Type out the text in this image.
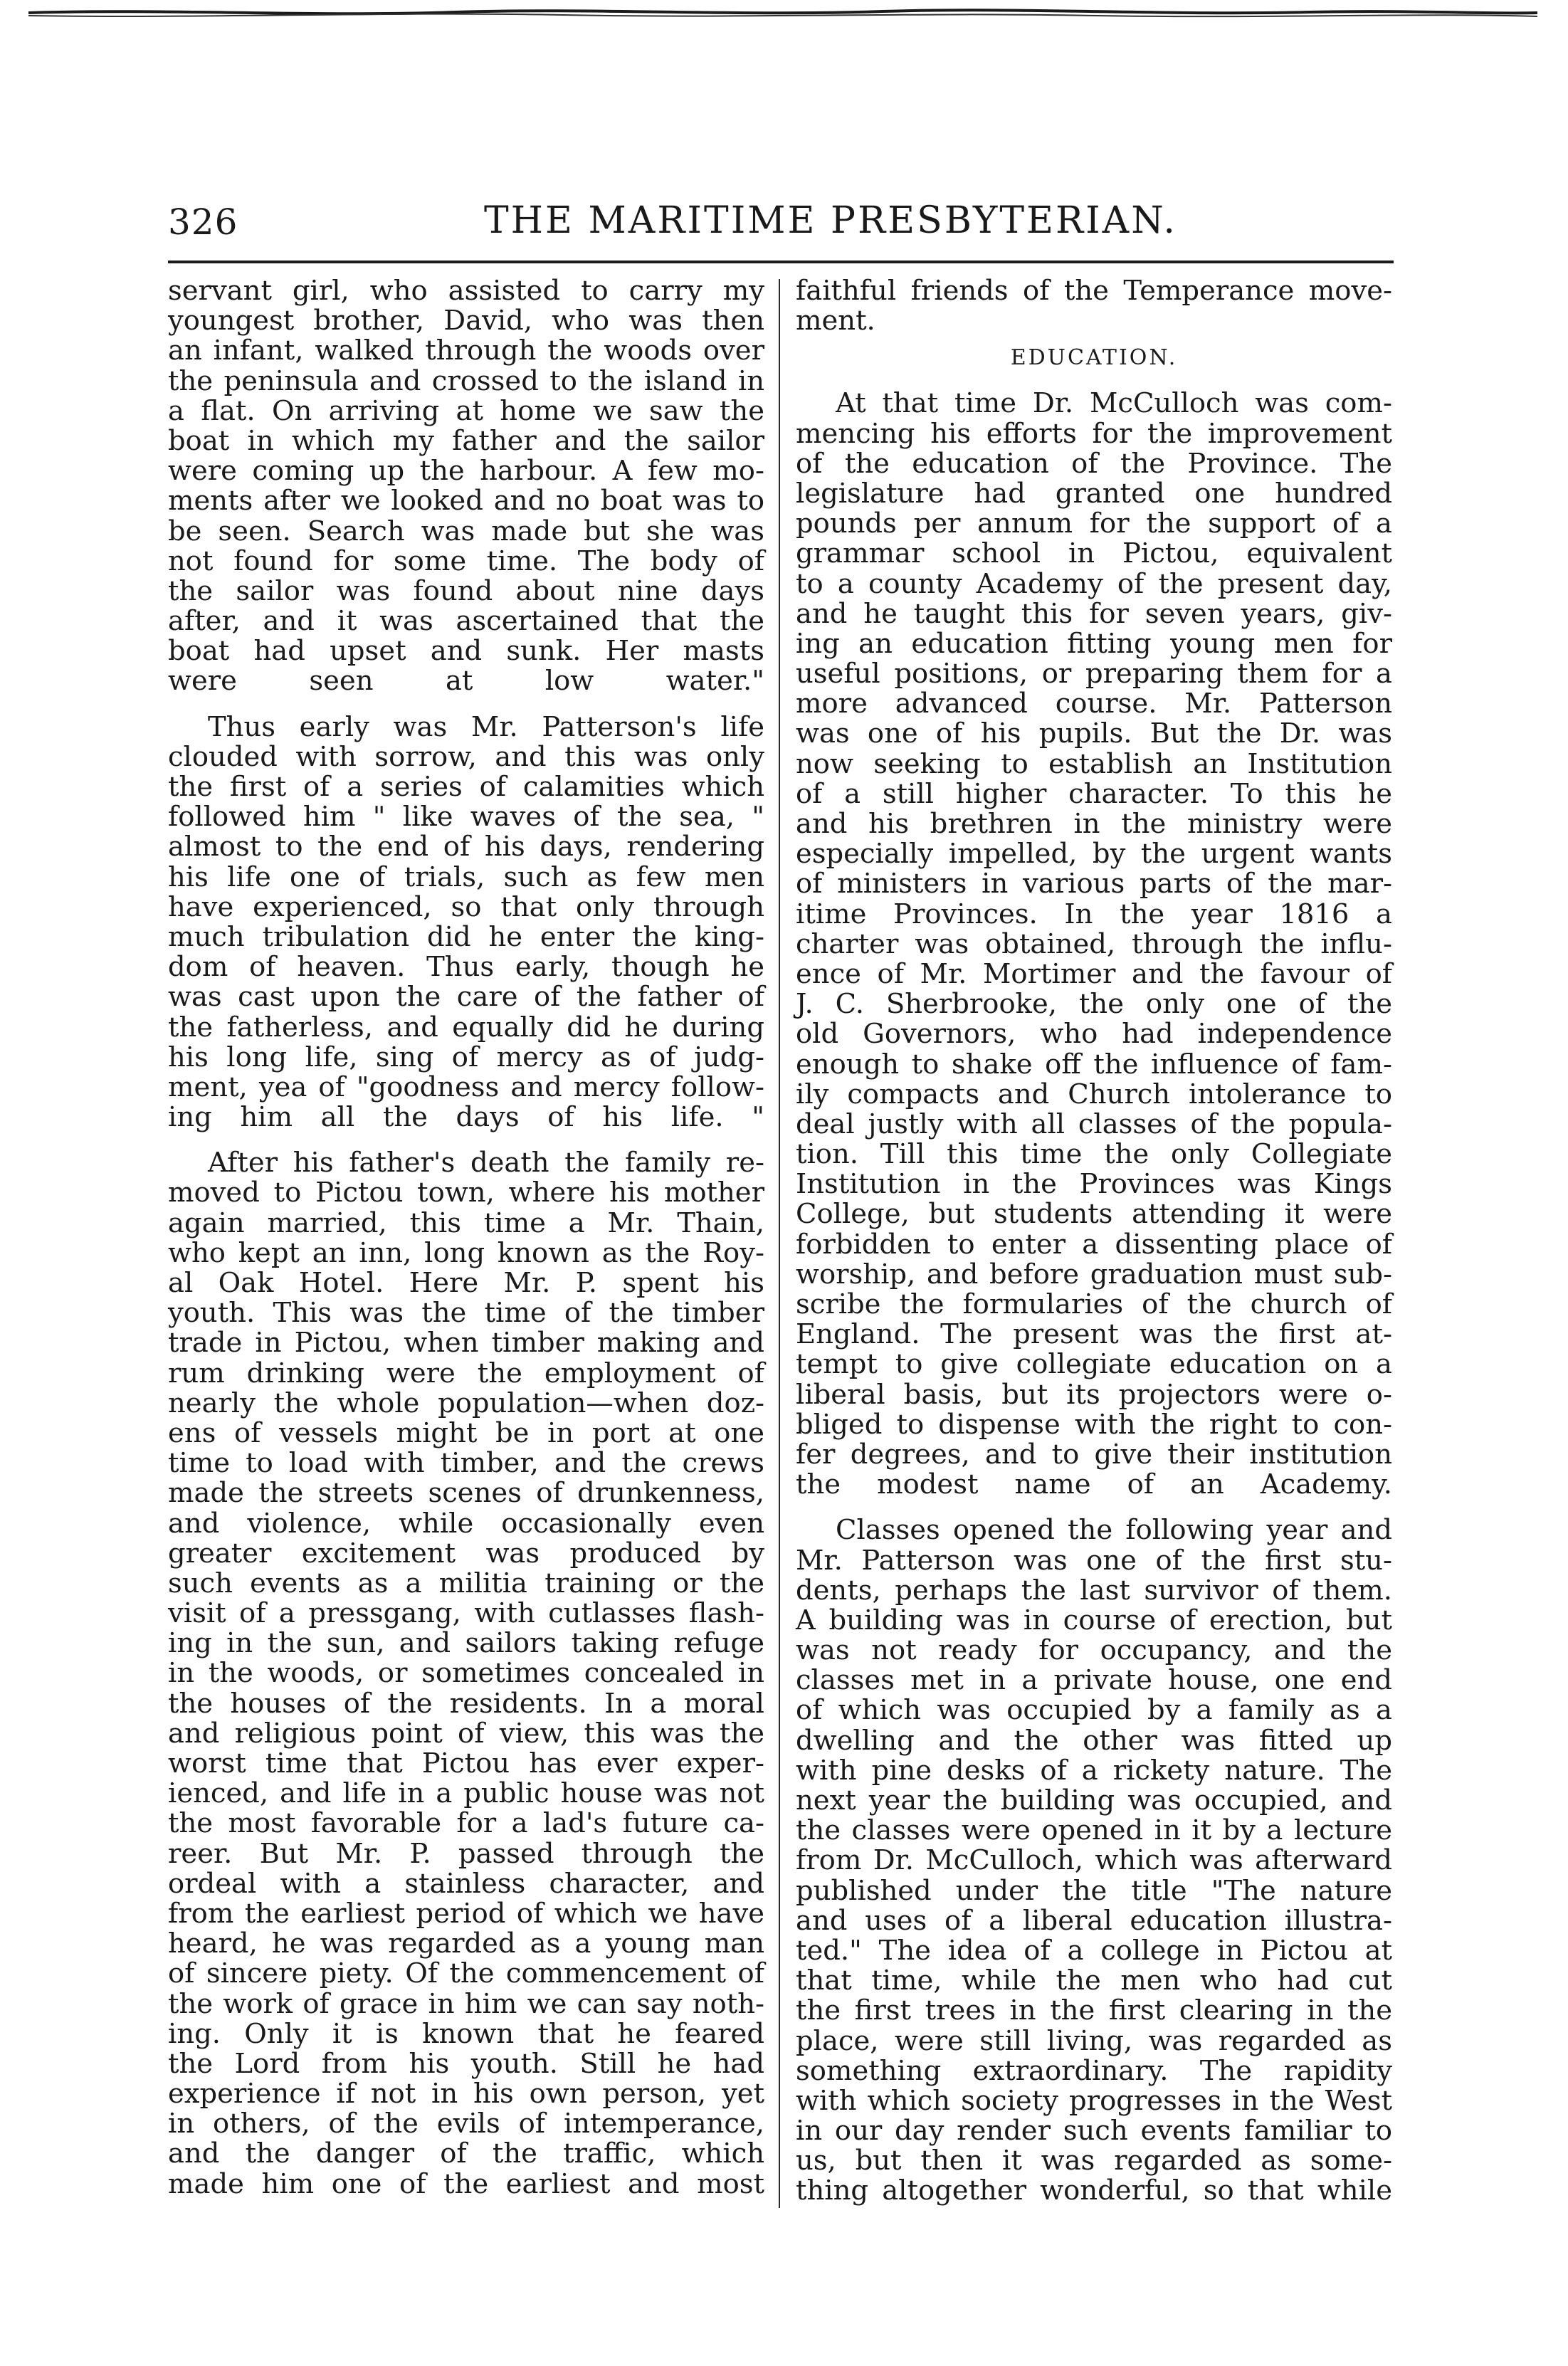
326	THE MARITIME PRESBYTERIAN.
servant girl, who assisted to carry my
youngest brother, David, who was then
an infant, walked through the woods over
the peninsula and crossed to the island in
a flat. On arriving at home we saw the
boat in which my father and the sailor
were coming up the harbour. A few mo-
ments after we looked and no boat was to
be seen. Search was made but she was
not found for some time. The body of
the sailor was found about nine days
after, and it was ascertained that the
boat had upset and sunk. Her masts
were seen at low water."
Thus early was Mr. Patterson's life
clouded with sorrow, and this was only
the first of a series of calamities which
followed him " like waves of the sea, "
almost to the end of his days, rendering
his life one of trials, such as few men
have experienced, so that only through
much tribulation did he enter the king-
dom of heaven. Thus early, though he
was cast upon the care of the father of
the fatherless, and equally did he during
his long life, sing of mercy as of judg-
ment, yea of "goodness and mercy follow-
ing him all the days of his life. "
After his father's death the family re-
moved to Pictou town, where his mother
again married, this time a Mr. Thain,
who kept an inn, long known as the Roy-
al Oak Hotel. Here Mr. P. spent his
youth. This was the time of the timber
trade in Pictou, when timber making and
rum drinking were the employment of
nearly the whole population—when doz-
ens of vessels might be in port at one
time to load with timber, and the crews
made the streets scenes of drunkenness,
and violence, while occasionally even
greater excitement was produced by
such events as a militia training or the
visit of a pressgang, with cutlasses flash-
ing in the sun, and sailors taking refuge
in the woods, or sometimes concealed in
the houses of the residents. In a moral
and religious point of view, this was the
worst time that Pictou has ever exper-
ienced, and life in a public house was not
the most favorable for a lad's future ca-
reer. But Mr. P. passed through the
ordeal with a stainless character, and
from the earliest period of which we have
heard, he was regarded as a young man
of sincere piety. Of the commencement of
the work of grace in him we can say noth-
ing. Only it is known that he feared
the Lord from his youth. Still he had
experience if not in his own person, yet
in others, of the evils of intemperance,
and the danger of the traffic, which
made him one of the earliest and most
faithful friends of the Temperance move-
ment.
EDUCATION.
At that time Dr. McCulloch was com-
mencing his efforts for the improvement
of the education of the Province. The
legislature had granted one hundred
pounds per annum for the support of a
grammar school in Pictou, equivalent
to a county Academy of the present day,
and he taught this for seven years, giv-
ing an education fitting young men for
useful positions, or preparing them for a
more advanced course. Mr. Patterson
was one of his pupils. But the Dr. was
now seeking to establish an Institution
of a still higher character. To this he
and his brethren in the ministry were
especially impelled, by the urgent wants
of ministers in various parts of the mar-
itime Provinces. In the year 1816 a
charter was obtained, through the influ-
ence of Mr. Mortimer and the favour of
J. C. Sherbrooke, the only one of the
old Governors, who had independence
enough to shake off the influence of fam-
ily compacts and Church intolerance to
deal justly with all classes of the popula-
tion. Till this time the only Collegiate
Institution in the Provinces was Kings
College, but students attending it were
forbidden to enter a dissenting place of
worship, and before graduation must sub-
scribe the formularies of the church of
England. The present was the first at-
tempt to give collegiate education on a
liberal basis, but its projectors were o-
bliged to dispense with the right to con-
fer degrees, and to give their institution
the modest name of an Academy.
Classes opened the following year and
Mr. Patterson was one of the first stu-
dents, perhaps the last survivor of them.
A building was in course of erection, but
was not ready for occupancy, and the
classes met in a private house, one end
of which was occupied by a family as a
dwelling and the other was fitted up
with pine desks of a rickety nature. The
next year the building was occupied, and
the classes were opened in it by a lecture
from Dr. McCulloch, which was afterward
published under the title "The nature
and uses of a liberal education illustra-
ted." The idea of a college in Pictou at
that time, while the men who had cut
the first trees in the first clearing in the
place, were still living, was regarded as
something extraordinary. The rapidity
with which society progresses in the West
in our day render such events familiar to
us, but then it was regarded as some-
thing altogether wonderful, so that while
